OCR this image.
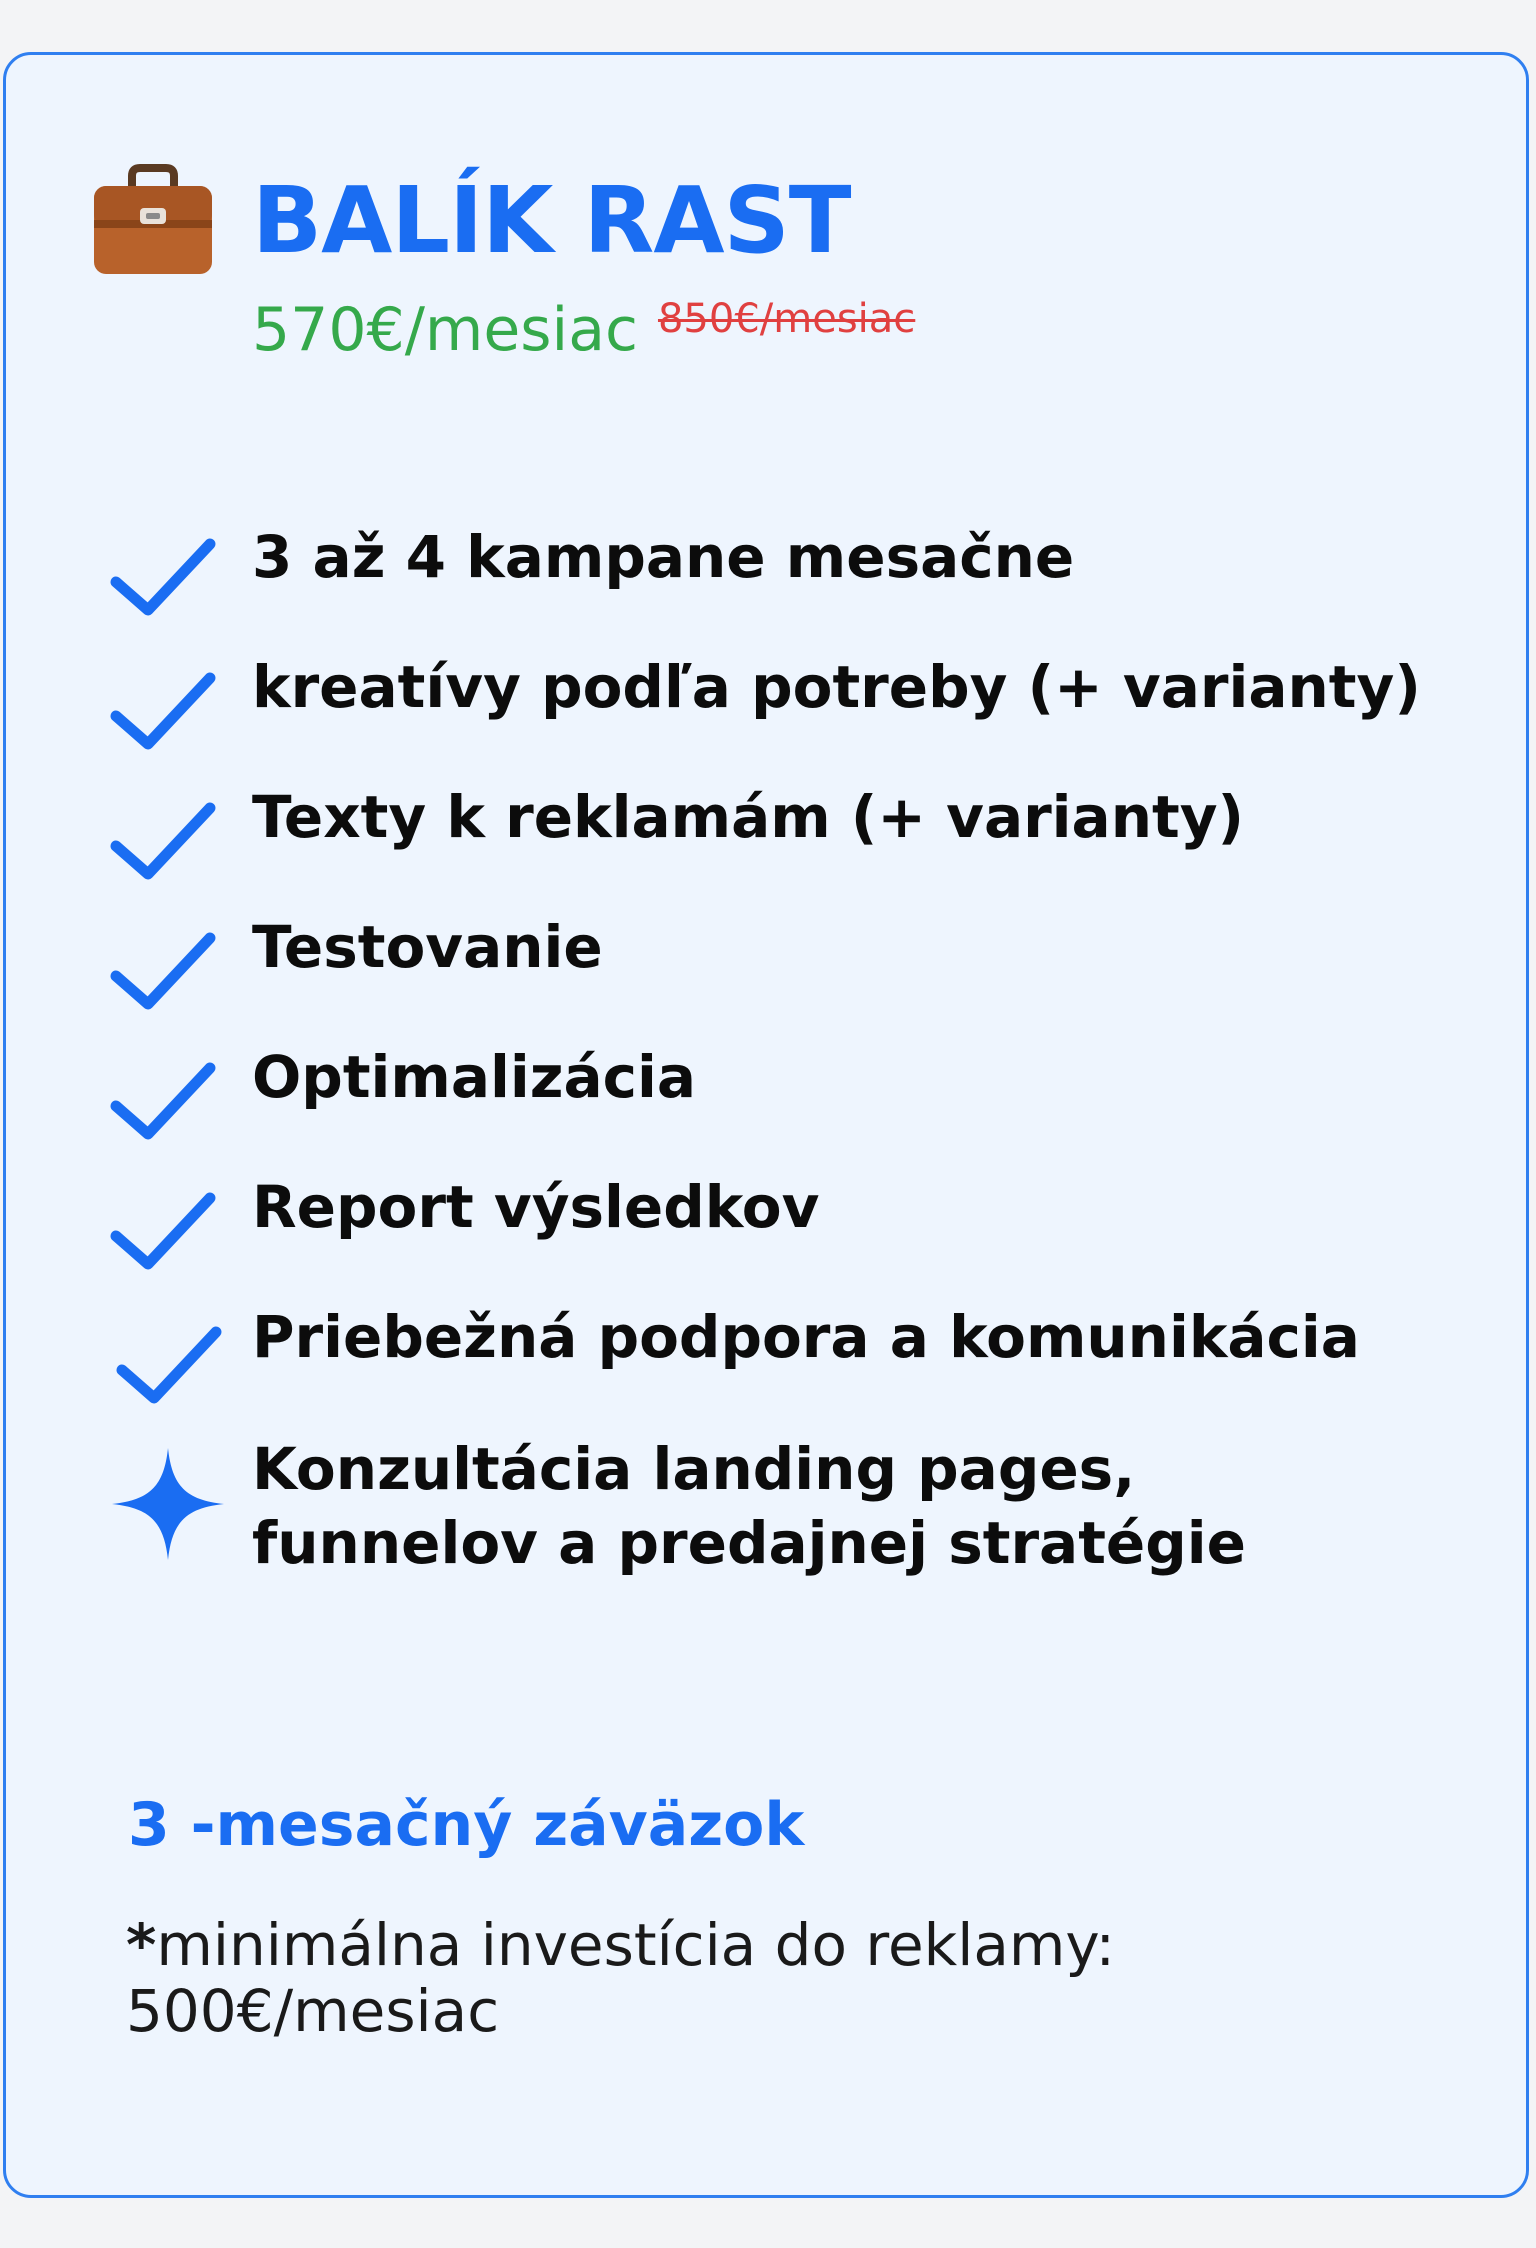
BALÍK RAST
570€/mesiac 850€/mesiac
3 až 4 kampane mesačne
kreatívy podľa potreby (+ varianty)
Texty k reklamám (+ varianty)
Testovanie
Optimalizácia
Report výsledkov
Priebežná podpora a komunikácia
Konzultácia landing pages,
funnelov a predajnej stratégie
3 -mesačný záväzok
*minimálna investícia do reklamy:
500€/mesiac
